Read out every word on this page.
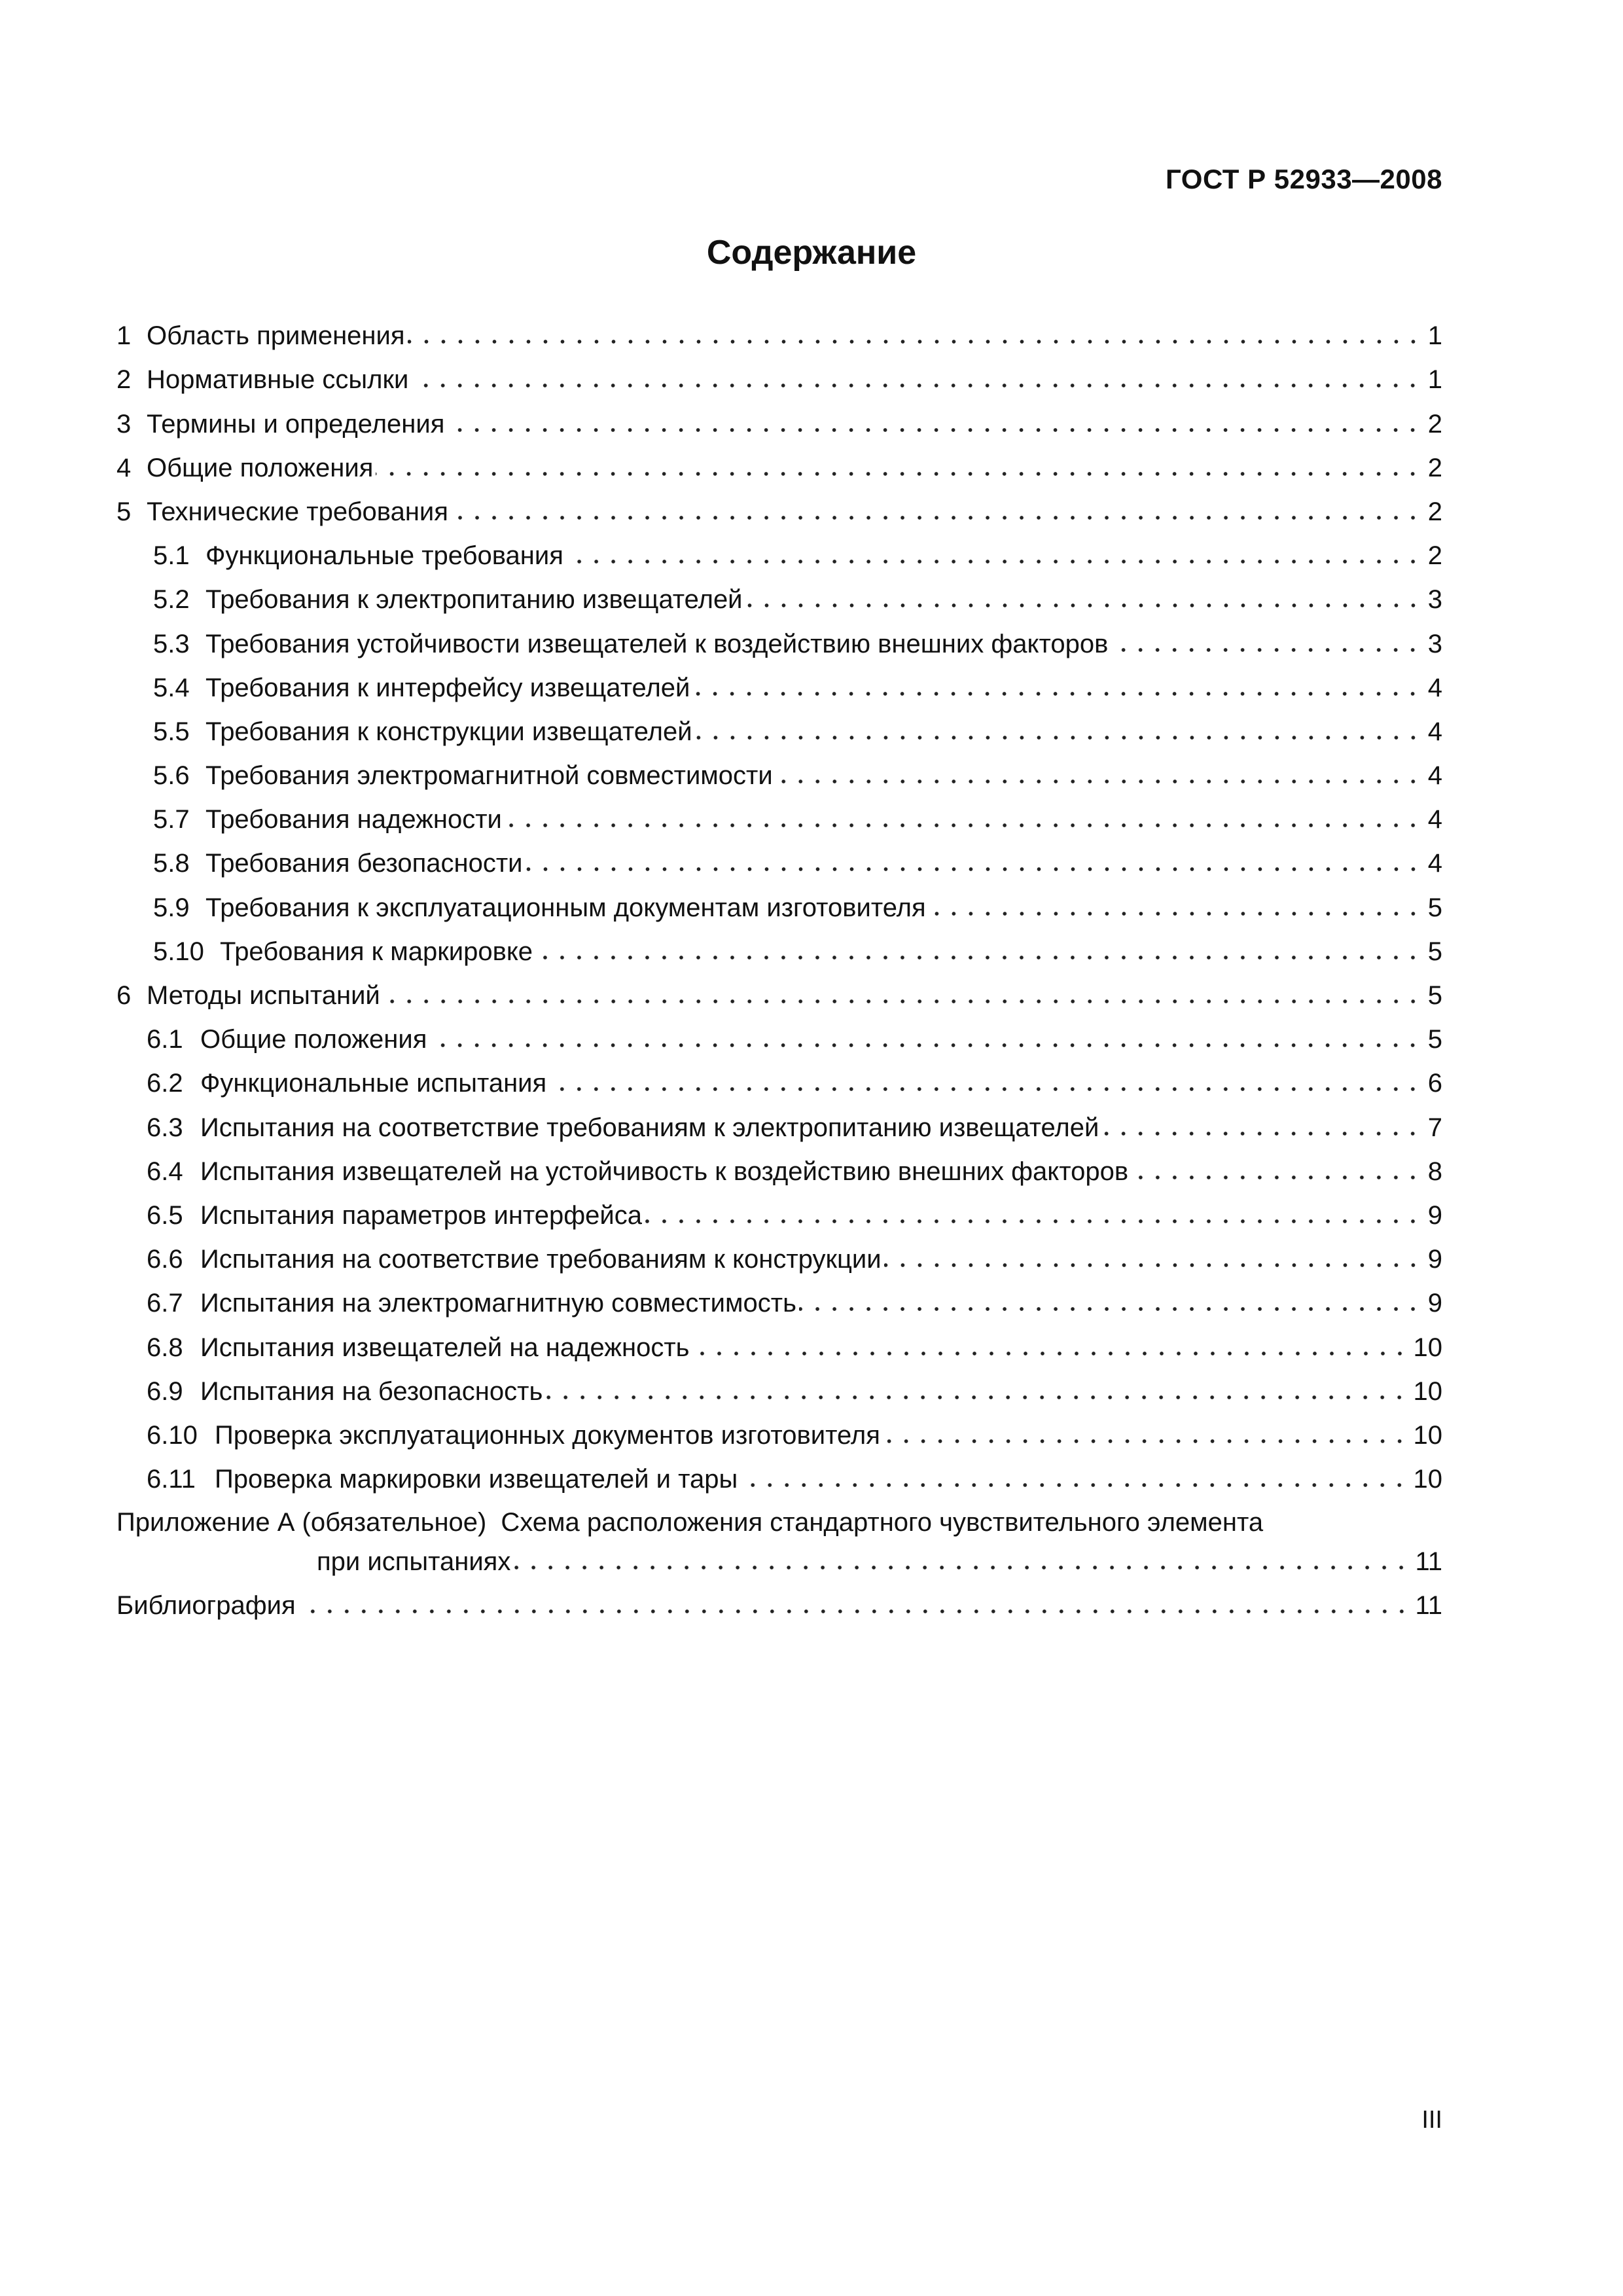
ГОСТ Р 52933—2008
Содержание
1 Область применения	1
2 Нормативные ссылки	1
3 Термины и определения	2
4 Общие положения	2
5 Технические требования	2
5.1 Функциональные требования	2
5.2 Требования к электропитанию извещателей	3
5.3 Требования устойчивости извещателей к воздействию внешних факторов	3
5.4 Требования к интерфейсу извещателей	4
5.5 Требования к конструкции извещателей	4
5.6 Требования электромагнитной совместимости	4
5.7 Требования надежности	4
5.8 Требования безопасности	4
5.9 Требования к эксплуатационным документам изготовителя	5
5.10 Требования к маркировке	5
6 Методы испытаний	5
6.1 Общие положения	5
6.2 Функциональные испытания	6
6.3 Испытания на соответствие требованиям к электропитанию извещателей	7
6.4 Испытания извещателей на устойчивость к воздействию внешних факторов	8
6.5 Испытания параметров интерфейса	9
6.6 Испытания на соответствие требованиям к конструкции	9
6.7 Испытания на электромагнитную совместимость	9
6.8 Испытания извещателей на надежность	10
6.9 Испытания на безопасность	10
6.10 Проверка эксплуатационных документов изготовителя	10
6.11 Проверка маркировки извещателей и тары	10
Приложение А (обязательное) Схема расположения стандартного чувствительного элемента
при испытаниях	11
Библиография	11
III
